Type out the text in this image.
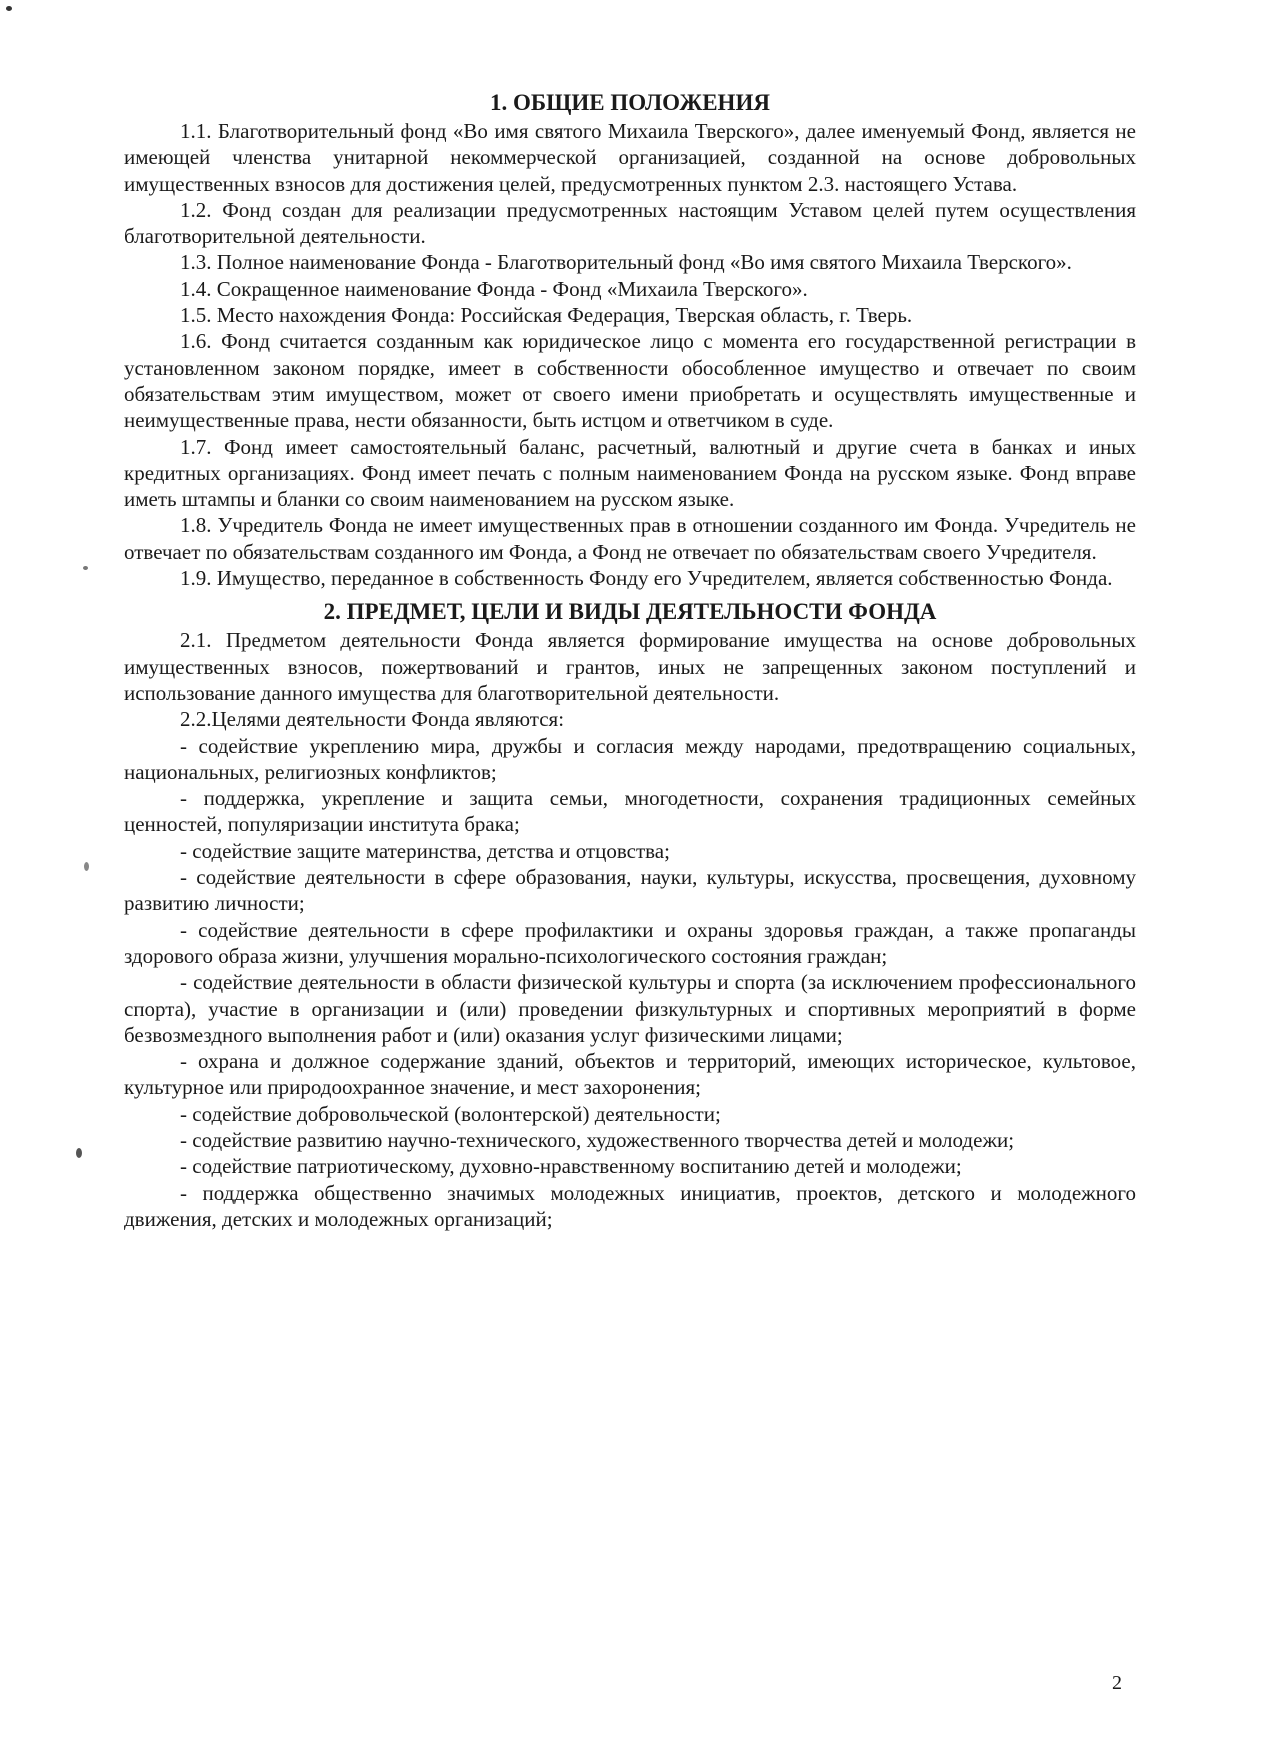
1. ОБЩИЕ ПОЛОЖЕНИЯ

1.1. Благотворительный фонд «Во имя святого Михаила Тверского», далее именуемый Фонд, является не имеющей членства унитарной некоммерческой организацией, созданной на основе добровольных имущественных взносов для достижения целей, предусмотренных пунктом 2.3. настоящего Устава.

1.2. Фонд создан для реализации предусмотренных настоящим Уставом целей путем осуществления благотворительной деятельности.

1.3. Полное наименование Фонда - Благотворительный фонд «Во имя святого Михаила Тверского».

1.4. Сокращенное наименование Фонда - Фонд «Михаила Тверского».

1.5. Место нахождения Фонда: Российская Федерация, Тверская область, г. Тверь.

1.6. Фонд считается созданным как юридическое лицо с момента его государственной регистрации в установленном законом порядке, имеет в собственности обособленное имущество и отвечает по своим обязательствам этим имуществом, может от своего имени приобретать и осуществлять имущественные и неимущественные права, нести обязанности, быть истцом и ответчиком в суде.

1.7. Фонд имеет самостоятельный баланс, расчетный, валютный и другие счета в банках и иных кредитных организациях. Фонд имеет печать с полным наименованием Фонда на русском языке. Фонд вправе иметь штампы и бланки со своим наименованием на русском языке.

1.8. Учредитель Фонда не имеет имущественных прав в отношении созданного им Фонда. Учредитель не отвечает по обязательствам созданного им Фонда, а Фонд не отвечает по обязательствам своего Учредителя.

1.9. Имущество, переданное в собственность Фонду его Учредителем, является собственностью Фонда.

2. ПРЕДМЕТ, ЦЕЛИ И ВИДЫ ДЕЯТЕЛЬНОСТИ ФОНДА

2.1. Предметом деятельности Фонда является формирование имущества на основе добровольных имущественных взносов, пожертвований и грантов, иных не запрещенных законом поступлений и использование данного имущества для благотворительной деятельности.

2.2.Целями деятельности Фонда являются:

- содействие укреплению мира, дружбы и согласия между народами, предотвращению социальных, национальных, религиозных конфликтов;

- поддержка, укрепление и защита семьи, многодетности, сохранения традиционных семейных ценностей, популяризации института брака;

- содействие защите материнства, детства и отцовства;

- содействие деятельности в сфере образования, науки, культуры, искусства, просвещения, духовному развитию личности;

- содействие деятельности в сфере профилактики и охраны здоровья граждан, а также пропаганды здорового образа жизни, улучшения морально-психологического состояния граждан;

- содействие деятельности в области физической культуры и спорта (за исключением профессионального спорта), участие в организации и (или) проведении физкультурных и спортивных мероприятий в форме безвозмездного выполнения работ и (или) оказания услуг физическими лицами;

- охрана и должное содержание зданий, объектов и территорий, имеющих историческое, культовое, культурное или природоохранное значение, и мест захоронения;

- содействие добровольческой (волонтерской) деятельности;

- содействие развитию научно-технического, художественного творчества детей и молодежи;

- содействие патриотическому, духовно-нравственному воспитанию детей и молодежи;

- поддержка общественно значимых молодежных инициатив, проектов, детского и молодежного движения, детских и молодежных организаций;

2
